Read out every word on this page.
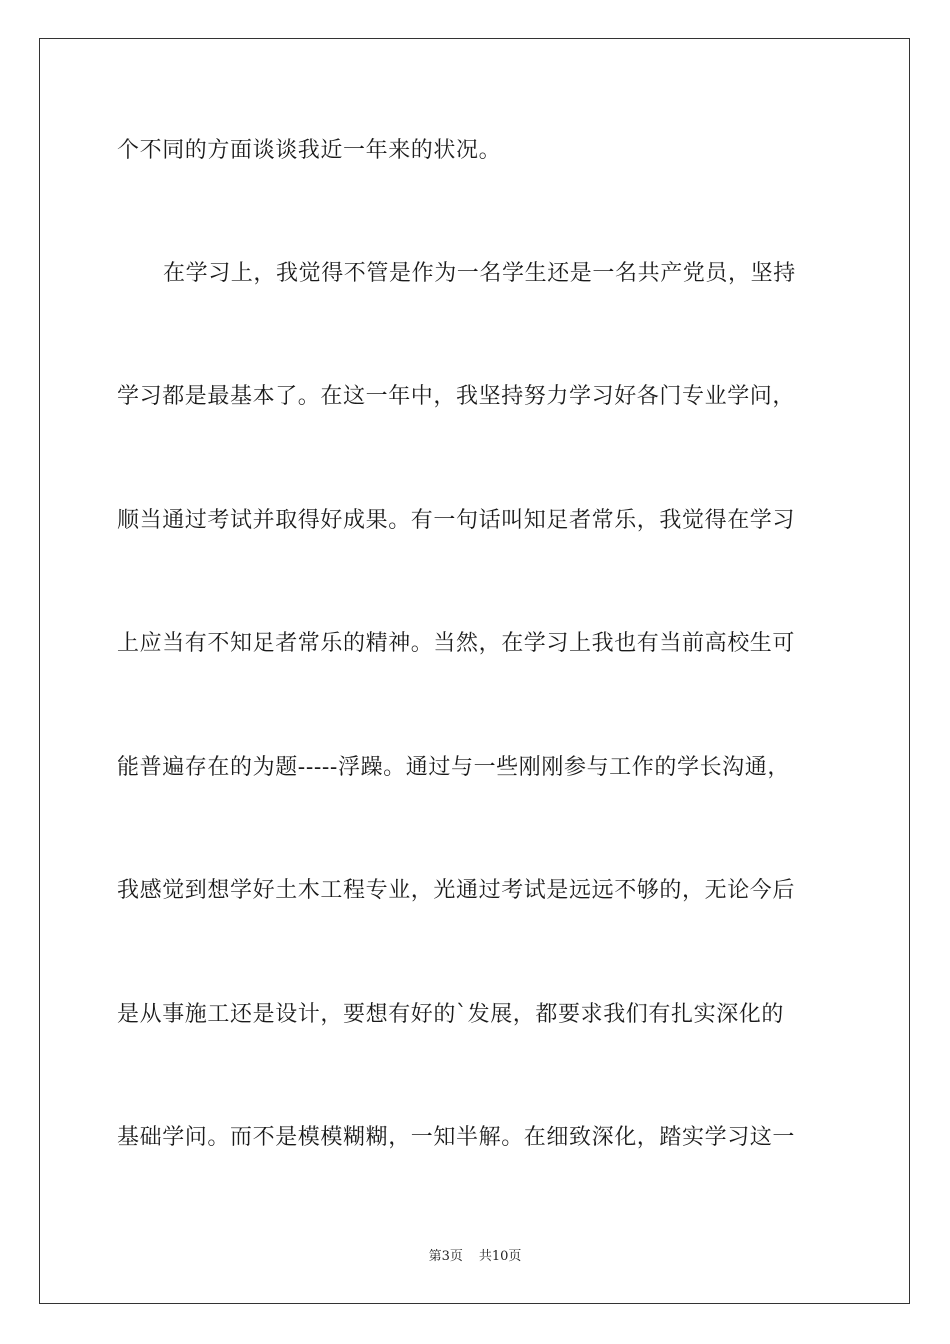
个不同的方面谈谈我近一年来的状况。
在学习上，我觉得不管是作为一名学生还是一名共产党员，坚持
学习都是最基本了。在这一年中，我坚持努力学习好各门专业学问，
顺当通过考试并取得好成果。有一句话叫知足者常乐，我觉得在学习
上应当有不知足者常乐的精神。当然，在学习上我也有当前高校生可
能普遍存在的为题-----浮躁。通过与一些刚刚参与工作的学长沟通，
我感觉到想学好土木工程专业，光通过考试是远远不够的，无论今后
是从事施工还是设计，要想有好的`发展，都要求我们有扎实深化的
基础学问。而不是模模糊糊，一知半解。在细致深化，踏实学习这一
第3页 共10页
